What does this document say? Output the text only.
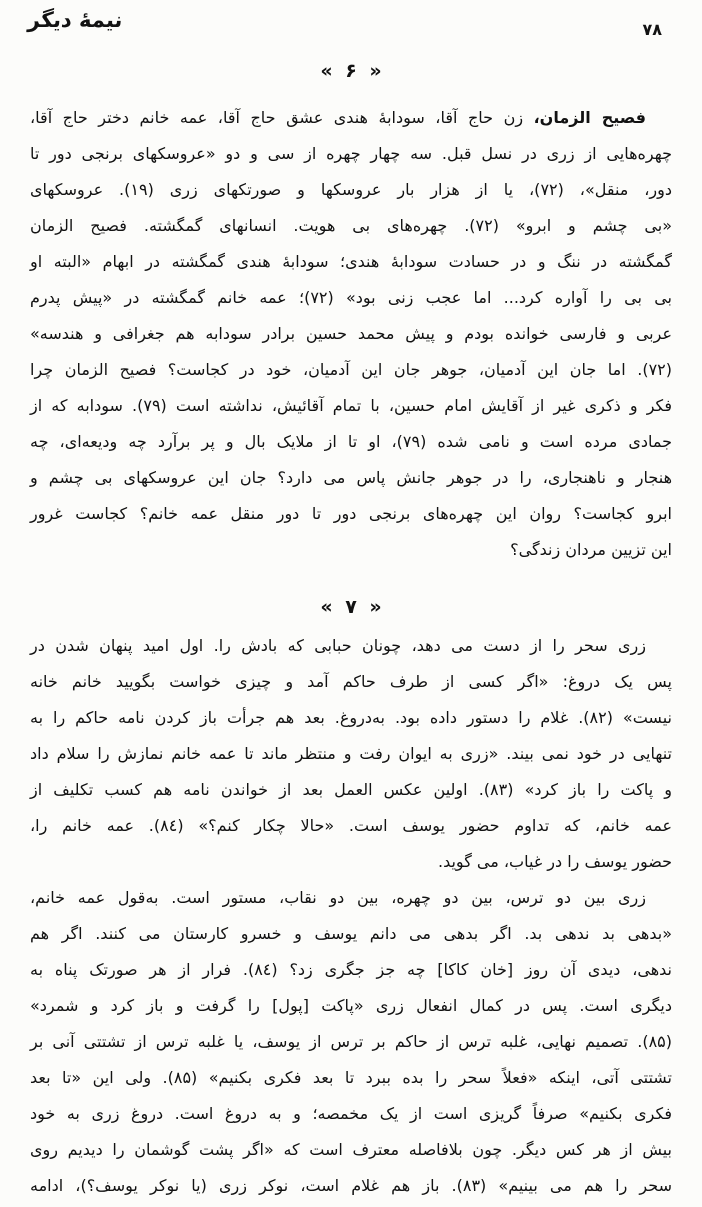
نیمۀ دیگر	۷۸
« ۶ »
فصیح الزمان، زن حاج آقا، سودابۀ هندی عشق حاج آقا، عمه خانم دختر حاج آقا،
چهره‌هایی از زری در نسل قبل. سه چهار چهره از سی و دو «عروسکهای برنجی دور تا
دور، منقل»، (۷۲)، یا از هزار بار عروسکها و صورتکهای زری (۱۹). عروسکهای
«بی چشم و ابرو» (۷۲). چهره‌های بی هویت. انسانهای گمگشته. فصیح الزمان
گمگشته در ننگ و در حسادت سودابۀ هندی؛ سودابۀ هندی گمگشته در ابهام «البته او
بی بی را آواره کرد... اما عجب زنی بود» (۷۲)؛ عمه خانم گمگشته در «پیش پدرم
عربی و فارسی خوانده بودم و پیش محمد حسین برادر سودابه هم جغرافی و هندسه»
(۷۲). اما جان این آدمیان، جوهر جان این آدمیان، خود در کجاست؟ فصیح الزمان چرا
فکر و ذکری غیر از آقایش امام حسین، با تمام آقائیش، نداشته است (۷۹). سودابه که از
جمادی مرده است و نامی شده (۷۹)، او تا از ملایک بال و پر برآرد چه ودیعه‌ای، چه
هنجار و ناهنجاری، را در جوهر جانش پاس می دارد؟ جان این عروسکهای بی چشم و
ابرو کجاست؟ روان این چهره‌های برنجی دور تا دور منقل عمه خانم؟ کجاست غرور
این تزیین مردان زندگی؟
« ۷ »
زری سحر را از دست می دهد، چونان حبابی که بادش را. اول امید پنهان شدن در
پس یک دروغ: «اگر کسی از طرف حاکم آمد و چیزی خواست بگویید خانم خانه
نیست» (۸۲). غلام را دستور داده بود. به‌دروغ. بعد هم جرأت باز کردن نامه حاکم را به
تنهایی در خود نمی بیند. «زری به ایوان رفت و منتظر ماند تا عمه خانم نمازش را سلام داد
و پاکت را باز کرد» (۸۳). اولین عکس العمل بعد از خواندن نامه هم کسب تکلیف از
عمه خانم، که تداوم حضور یوسف است. «حالا چکار کنم؟» (۸٤). عمه خانم را،
حضور یوسف را در غیاب، می گوید.
زری بین دو ترس، بین دو چهره، بین دو نقاب، مستور است. به‌قول عمه خانم،
«بدهی بد ندهی بد. اگر بدهی می دانم یوسف و خسرو کارستان می کنند. اگر هم
ندهی، دیدی آن روز [خان کاکا] چه جز جگری زد؟ (۸٤). فرار از هر صورتک پناه به
دیگری است. پس در کمال انفعال زری «پاکت [پول] را گرفت و باز کرد و شمرد»
(۸۵). تصمیم نهایی، غلبه ترس از حاکم بر ترس از یوسف، یا غلبه ترس از تشتتی آنی بر
تشتتی آتی، اینکه «فعلاً سحر را بده ببرد تا بعد فکری بکنیم» (۸۵). ولی این «تا بعد
فکری بکنیم» صرفاً گریزی است از یک مخمصه؛ و به دروغ است. دروغ زری به خود
بیش از هر کس دیگر. چون بلافاصله معترف است که «اگر پشت گوشمان را دیدیم روی
سحر را هم می بینیم» (۸۳). باز هم غلام است، نوکر زری (یا نوکر یوسف؟)، ادامه
